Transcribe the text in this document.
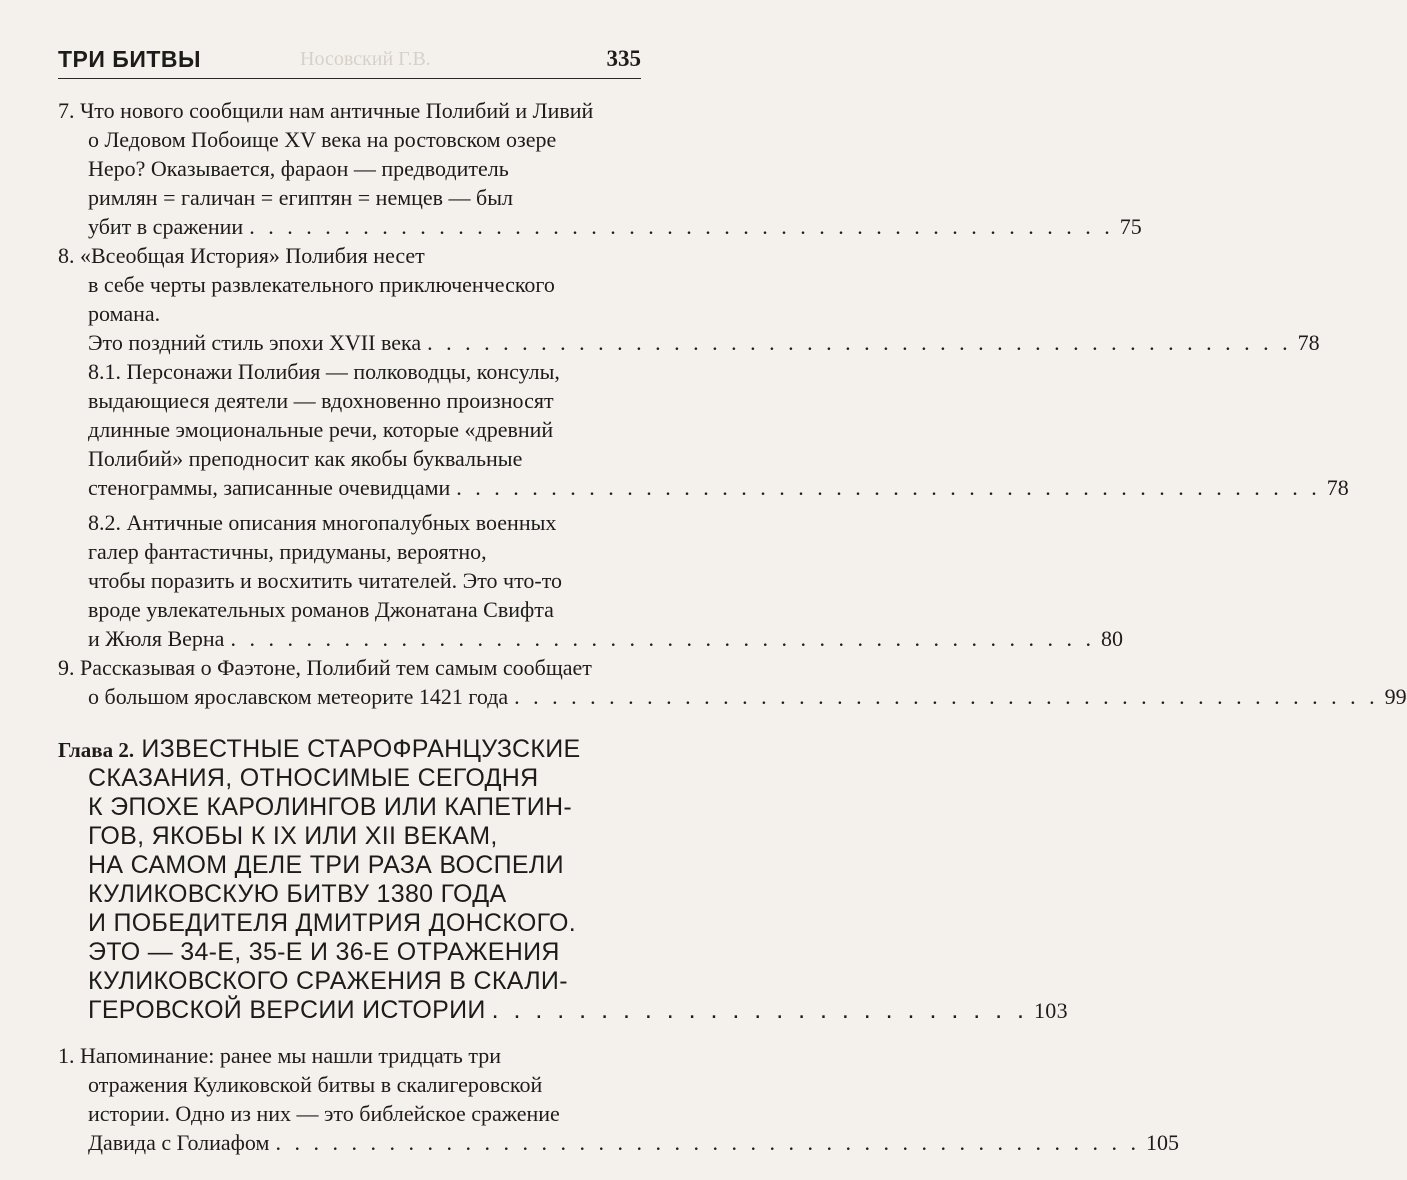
Носовский Г.В.
ТРИ БИТВЫ	335
7. Что нового сообщили нам античные Полибий и Ливий
о Ледовом Побоище XV века на ростовском озере
Неро? Оказывается, фараон — предводитель
римлян = галичан = египтян = немцев — был
убит в сражении . . . . . . . . . . . . . . . . . . . . . . . . . . . . . . . . . . . . . . . . . . . . . . 75
8. «Всеобщая История» Полибия несет
в себе черты развлекательного приключенческого
романа.
Это поздний стиль эпохи XVII века . . . . . . . . . . . . . . . . . . . . . . . . . . . . . . . . . . . . . . . . . . . . . . 78
8.1. Персонажи Полибия — полководцы, консулы,
выдающиеся деятели — вдохновенно произносят
длинные эмоциональные речи, которые «древний
Полибий» преподносит как якобы буквальные
стенограммы, записанные очевидцами . . . . . . . . . . . . . . . . . . . . . . . . . . . . . . . . . . . . . . . . . . . . . . 78
8.2. Античные описания многопалубных военных
галер фантастичны, придуманы, вероятно,
чтобы поразить и восхитить читателей. Это что-то
вроде увлекательных романов Джонатана Свифта
и Жюля Верна . . . . . . . . . . . . . . . . . . . . . . . . . . . . . . . . . . . . . . . . . . . . . . 80
9. Рассказывая о Фаэтоне, Полибий тем самым сообщает
о большом ярославском метеорите 1421 года . . . . . . . . . . . . . . . . . . . . . . . . . . . . . . . . . . . . . . . . . . . . . . 99
Глава 2. ИЗВЕСТНЫЕ СТАРОФРАНЦУЗСКИЕ
СКАЗАНИЯ, ОТНОСИМЫЕ СЕГОДНЯ
К ЭПОХЕ КАРОЛИНГОВ ИЛИ КАПЕТИН-
ГОВ, ЯКОБЫ К IX ИЛИ XII ВЕКАМ,
НА САМОМ ДЕЛЕ ТРИ РАЗА ВОСПЕЛИ
КУЛИКОВСКУЮ БИТВУ 1380 ГОДА
И ПОБЕДИТЕЛЯ ДМИТРИЯ ДОНСКОГО.
ЭТО — 34-Е, 35-Е И 36-Е ОТРАЖЕНИЯ
КУЛИКОВСКОГО СРАЖЕНИЯ В СКАЛИ-
ГЕРОВСКОЙ ВЕРСИИ ИСТОРИИ . . . . . . . . . . . . . . . . . . . . . . . . . 103
1. Напоминание: ранее мы нашли тридцать три
отражения Куликовской битвы в скалигеровской
истории. Одно из них — это библейское сражение
Давида с Голиафом . . . . . . . . . . . . . . . . . . . . . . . . . . . . . . . . . . . . . . . . . . . . . . 105
